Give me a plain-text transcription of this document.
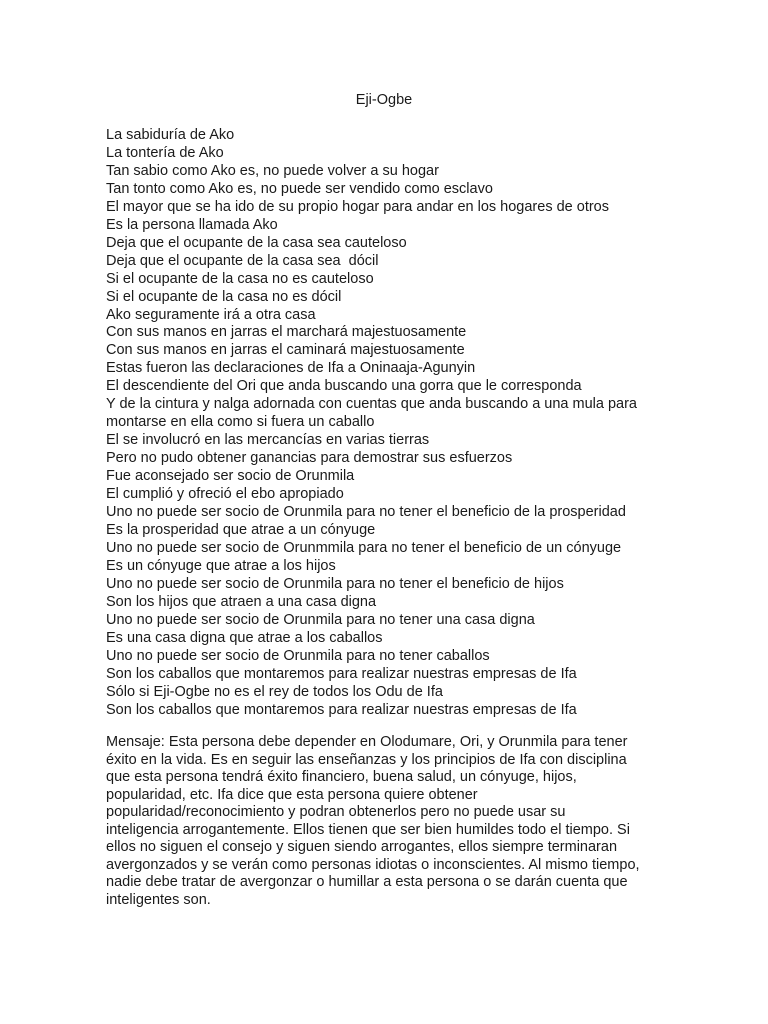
Eji-Ogbe
La sabiduría de Ako
La tontería de Ako
Tan sabio como Ako es, no puede volver a su hogar
Tan tonto como Ako es, no puede ser vendido como esclavo
El mayor que se ha ido de su propio hogar para andar en los hogares de otros
Es la persona llamada Ako
Deja que el ocupante de la casa sea cauteloso
Deja que el ocupante de la casa sea  dócil
Si el ocupante de la casa no es cauteloso
Si el ocupante de la casa no es dócil
Ako seguramente irá a otra casa
Con sus manos en jarras el marchará majestuosamente
Con sus manos en jarras el caminará majestuosamente
Estas fueron las declaraciones de Ifa a Oninaaja-Agunyin
El descendiente del Ori que anda buscando una gorra que le corresponda
Y de la cintura y nalga adornada con cuentas que anda buscando a una mula para
montarse en ella como si fuera un caballo
El se involucró en las mercancías en varias tierras
Pero no pudo obtener ganancias para demostrar sus esfuerzos
Fue aconsejado ser socio de Orunmila
El cumplió y ofreció el ebo apropiado
Uno no puede ser socio de Orunmila para no tener el beneficio de la prosperidad
Es la prosperidad que atrae a un cónyuge
Uno no puede ser socio de Orunmmila para no tener el beneficio de un cónyuge
Es un cónyuge que atrae a los hijos
Uno no puede ser socio de Orunmila para no tener el beneficio de hijos
Son los hijos que atraen a una casa digna
Uno no puede ser socio de Orunmila para no tener una casa digna
Es una casa digna que atrae a los caballos
Uno no puede ser socio de Orunmila para no tener caballos
Son los caballos que montaremos para realizar nuestras empresas de Ifa
Sólo si Eji-Ogbe no es el rey de todos los Odu de Ifa
Son los caballos que montaremos para realizar nuestras empresas de Ifa
Mensaje: Esta persona debe depender en Olodumare, Ori, y Orunmila para tener
éxito en la vida. Es en seguir las enseñanzas y los principios de Ifa con disciplina
que esta persona tendrá éxito financiero, buena salud, un cónyuge, hijos,
popularidad, etc. Ifa dice que esta persona quiere obtener
popularidad/reconocimiento y podran obtenerlos pero no puede usar su
inteligencia arrogantemente. Ellos tienen que ser bien humildes todo el tiempo. Si
ellos no siguen el consejo y siguen siendo arrogantes, ellos siempre terminaran
avergonzados y se verán como personas idiotas o inconscientes. Al mismo tiempo,
nadie debe tratar de avergonzar o humillar a esta persona o se darán cuenta que
inteligentes son.
